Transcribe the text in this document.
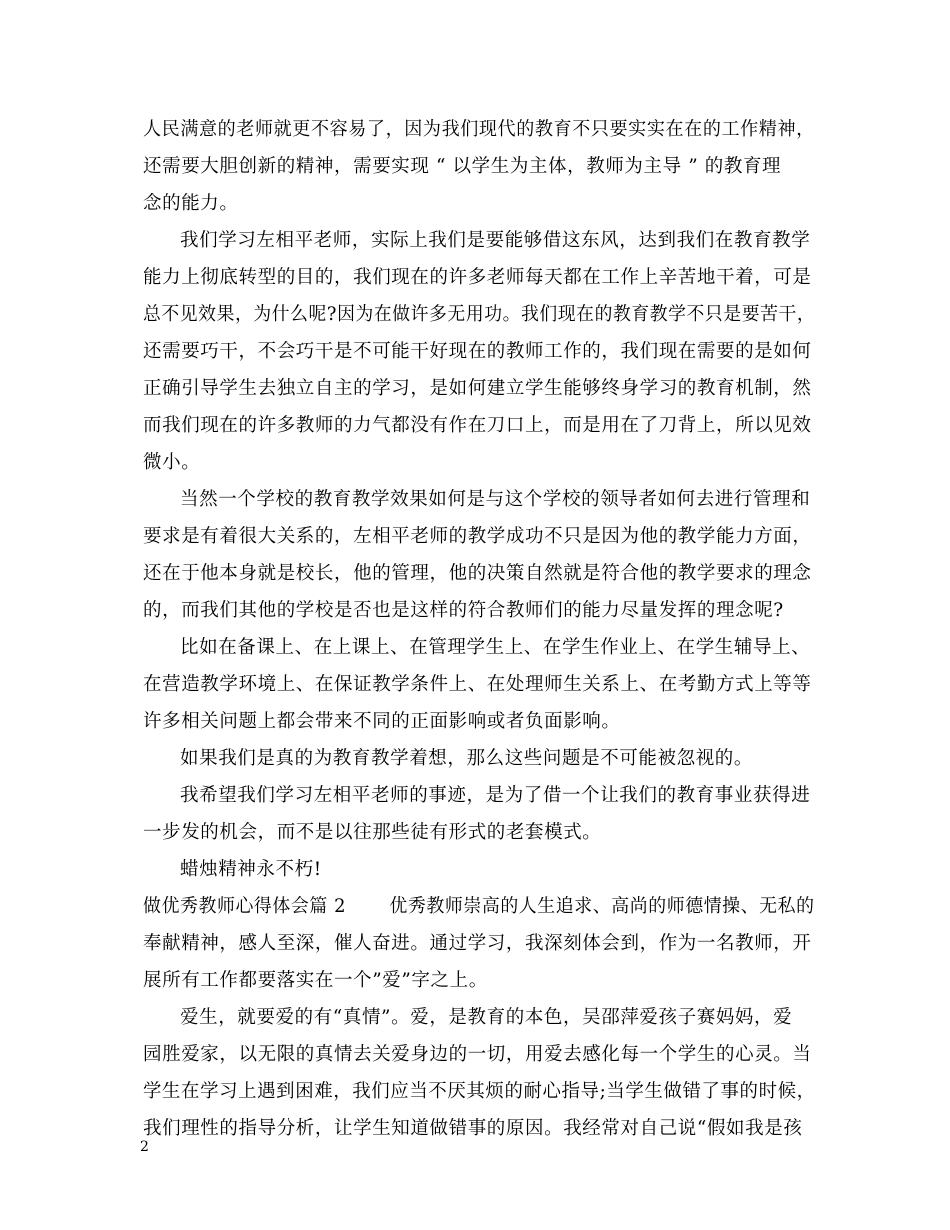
人民满意的老师就更不容易了，因为我们现代的教育不只要实实在在的工作精神，
还需要大胆创新的精神，需要实现 “ 以学生为主体，教师为主导 ” 的教育理
念的能力。
我们学习左相平老师，实际上我们是要能够借这东风，达到我们在教育教学
能力上彻底转型的目的，我们现在的许多老师每天都在工作上辛苦地干着，可是
总不见效果，为什么呢?因为在做许多无用功。我们现在的教育教学不只是要苦干，
还需要巧干，不会巧干是不可能干好现在的教师工作的，我们现在需要的是如何
正确引导学生去独立自主的学习，是如何建立学生能够终身学习的教育机制，然
而我们现在的许多教师的力气都没有作在刀口上，而是用在了刀背上，所以见效
微小。
当然一个学校的教育教学效果如何是与这个学校的领导者如何去进行管理和
要求是有着很大关系的，左相平老师的教学成功不只是因为他的教学能力方面，
还在于他本身就是校长，他的管理，他的决策自然就是符合他的教学要求的理念
的，而我们其他的学校是否也是这样的符合教师们的能力尽量发挥的理念呢?
比如在备课上、在上课上、在管理学生上、在学生作业上、在学生辅导上、
在营造教学环境上、在保证教学条件上、在处理师生关系上、在考勤方式上等等
许多相关问题上都会带来不同的正面影响或者负面影响。
如果我们是真的为教育教学着想，那么这些问题是不可能被忽视的。
我希望我们学习左相平老师的事迹，是为了借一个让我们的教育事业获得进
一步发的机会，而不是以往那些徒有形式的老套模式。
蜡烛精神永不朽!
做优秀教师心得体会篇 2 　　优秀教师崇高的人生追求、高尚的师德情操、无私的
奉献精神，感人至深，催人奋进。通过学习，我深刻体会到，作为一名教师，开
展所有工作都要落实在一个”爱”字之上。
爱生，就要爱的有“真情”。爱，是教育的本色，吴邵萍爱孩子赛妈妈，爱
园胜爱家，以无限的真情去关爱身边的一切，用爱去感化每一个学生的心灵。当
学生在学习上遇到困难，我们应当不厌其烦的耐心指导;当学生做错了事的时候，
我们理性的指导分析，让学生知道做错事的原因。我经常对自己说“假如我是孩
2
